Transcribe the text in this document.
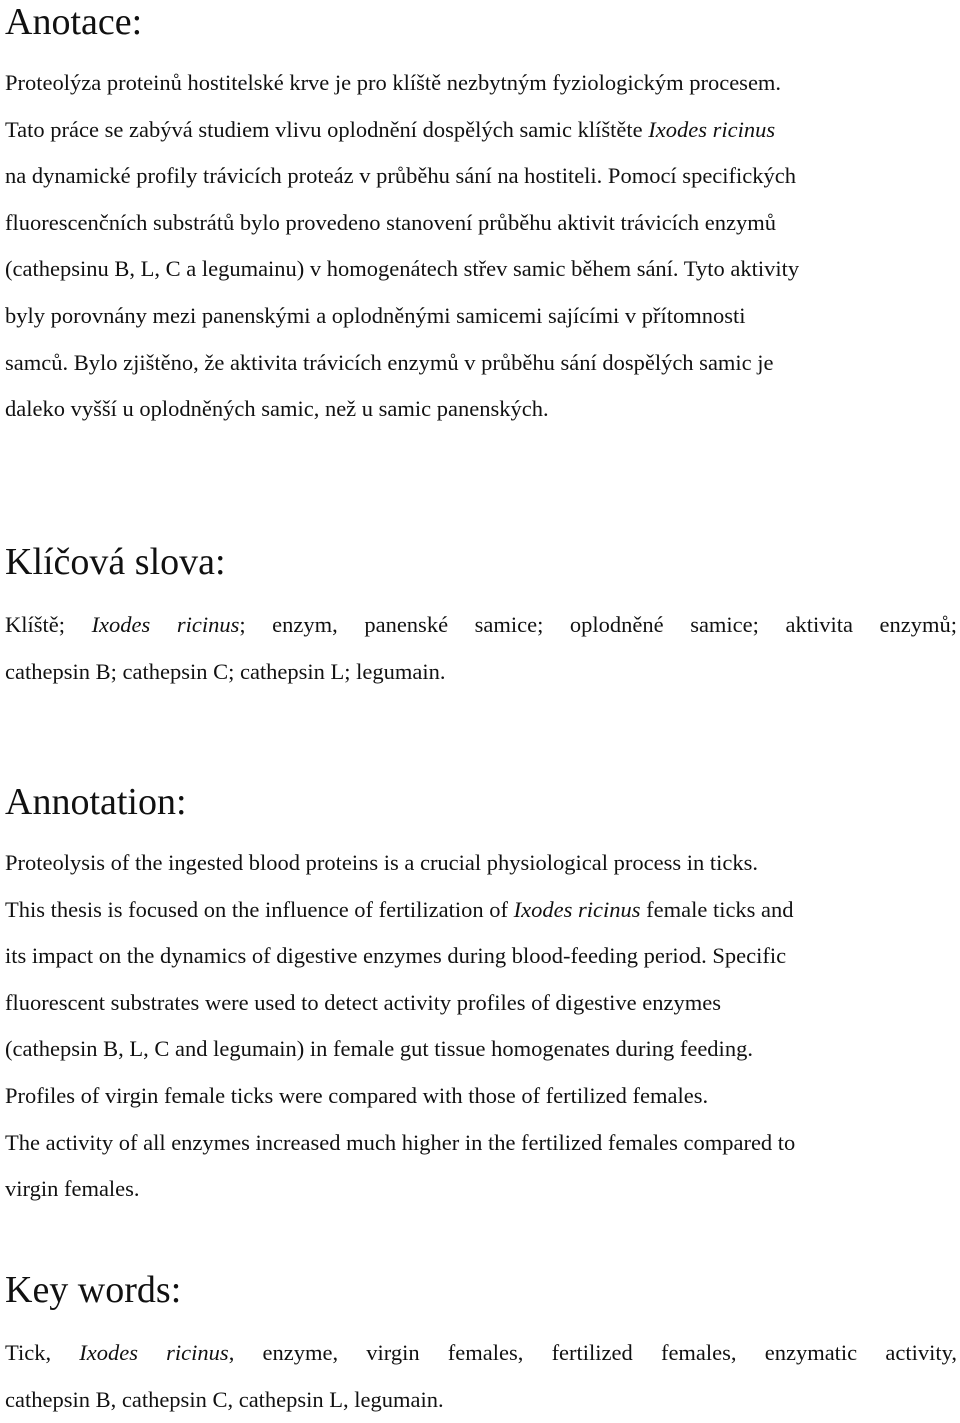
Anotace:
Proteolýza proteinů hostitelské krve je pro klíště nezbytným fyziologickým procesem.
Tato práce se zabývá studiem vlivu oplodnění dospělých samic klíštěte Ixodes ricinus
na dynamické profily trávicích proteáz v průběhu sání na hostiteli. Pomocí specifických
fluorescenčních substrátů bylo provedeno stanovení průběhu aktivit trávicích enzymů
(cathepsinu B, L, C a legumainu) v homogenátech střev samic během sání. Tyto aktivity
byly porovnány mezi panenskými a oplodněnými samicemi sajícími v přítomnosti
samců. Bylo zjištěno, že aktivita trávicích enzymů v průběhu sání dospělých samic je
daleko vyšší u oplodněných samic, než u samic panenských.
Klíčová slova:
Klíště; Ixodes ricinus; enzym, panenské samice; oplodněné samice; aktivita enzymů;
cathepsin B; cathepsin C; cathepsin L; legumain.
Annotation:
Proteolysis of the ingested blood proteins is a crucial physiological process in ticks.
This thesis is focused on the influence of fertilization of Ixodes ricinus female ticks and
its impact on the dynamics of digestive enzymes during blood-feeding period. Specific
fluorescent substrates were used to detect activity profiles of digestive enzymes
(cathepsin B, L, C and legumain) in female gut tissue homogenates during feeding.
Profiles of virgin female ticks were compared with those of fertilized females.
The activity of all enzymes increased much higher in the fertilized females compared to
virgin females.
Key words:
Tick, Ixodes ricinus, enzyme, virgin females, fertilized females, enzymatic activity,
cathepsin B, cathepsin C, cathepsin L, legumain.
